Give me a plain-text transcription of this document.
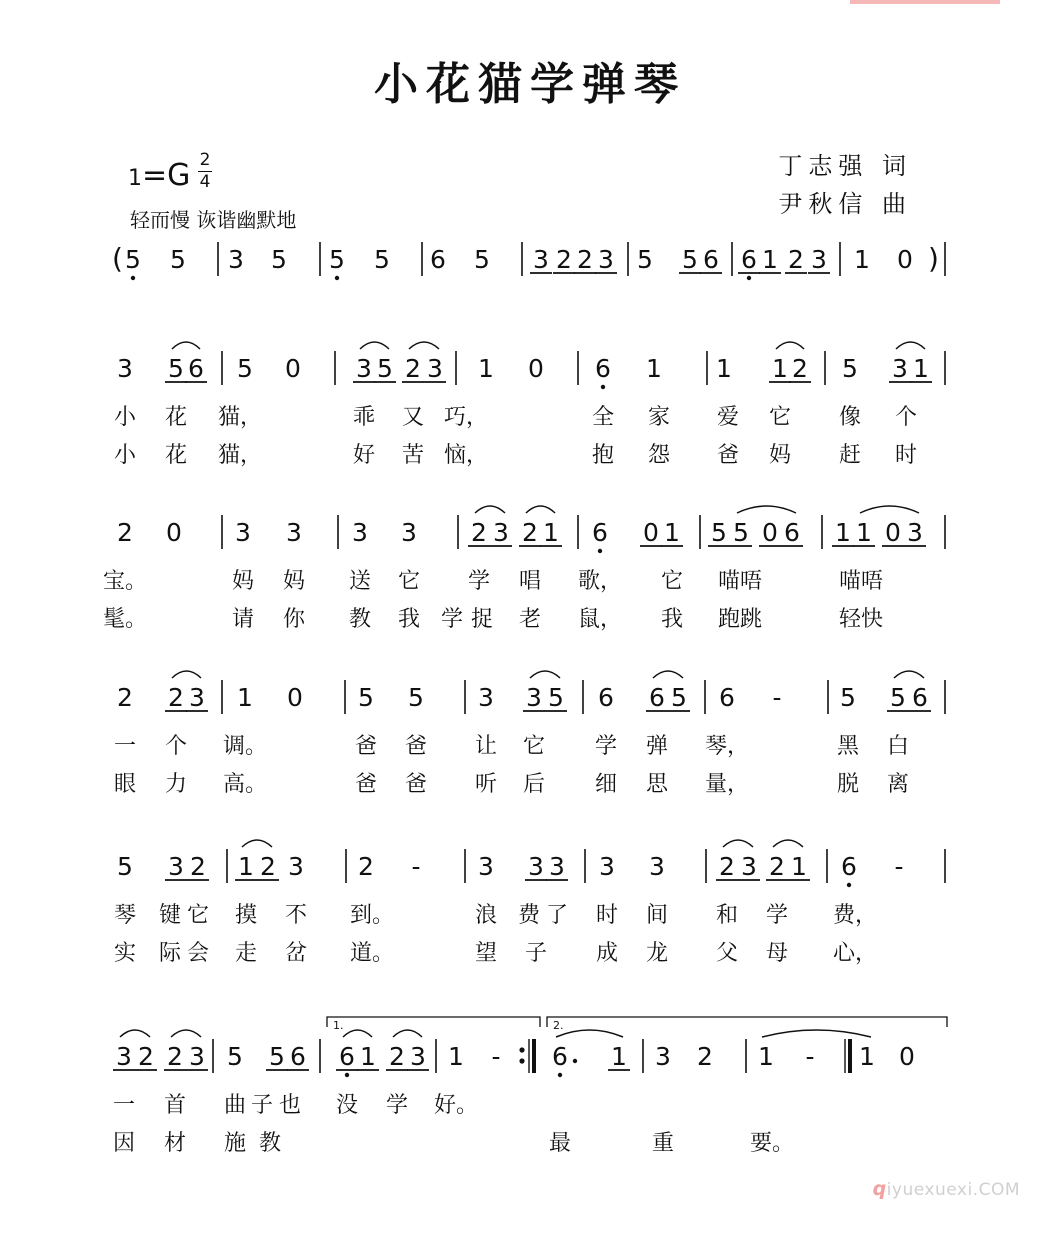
小花猫学弹琴
丁志强 词
尹秋信 曲
1=G 2
4
轻而慢 诙谐幽默地
(	)
5 5 3 5 5 5 6 5 3 2 2 3 5 5 6 6 1 2 3 1 0
3 5 6 5 0 3 5 2 3 1 0 6 1 1 1 2 5 3 1
2 0 3 3 3 3 2 3 2 1 6 0 1 5 5 0 6 1 1 0 3
2 2 3 1 0 5 5 3 3 5 6 6 5 6 - 5 5 6
5 3 2 1 2 3 2 - 3 3 3 3 3 2 3 2 1 6 -
1.	2.
3 2 2 3 5 5 6 6 1 2 3 1 - 6 1 3 2 1 - 1 0
小 花 猫，	乖 又 巧，	全 家 爱 它 像 个
小 花 猫，	好 苦 恼，	抱 怨 爸 妈 赶 时
宝。	妈 妈 送 它 学 唱 歌， 它 喵唔	喵唔
髦。	请 你 教 我 学 捉 老 鼠， 我 跑跳	轻快
一 个 调。	爸 爸 让 它 学 弹 琴，	黑 白
眼 力 高。	爸 爸 听 后 细 思 量，	脱 离
琴 键 它 摸 不 到。	浪 费 了 时 间 和 学 费，
实 际 会 走 岔 道。	望 子 成 龙 父 母 心，
一 首 曲 子 也 没 学 好。
因 材 施 教	最	重	要。
qiyuexuexi.COM
